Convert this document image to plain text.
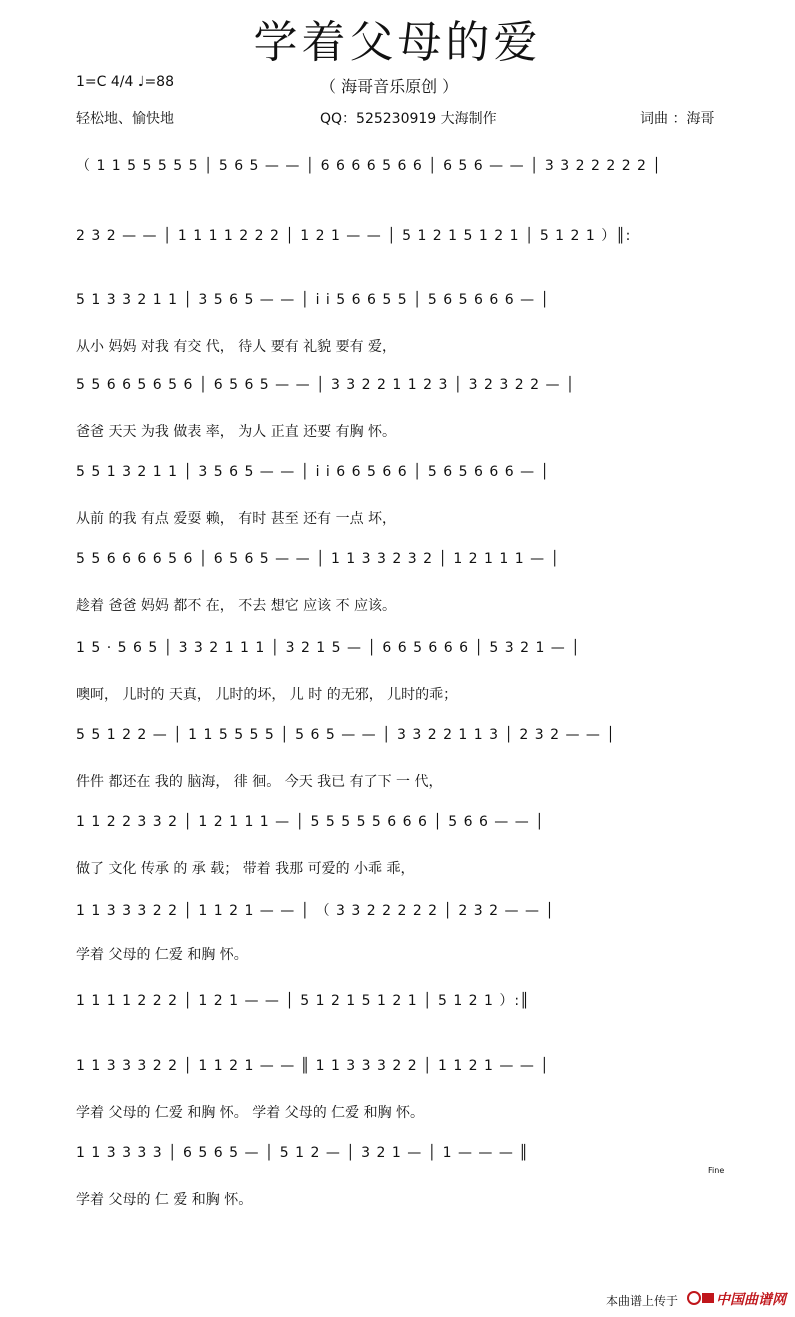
学着父母的爱
1=C 4/4 ♩=88	（ 海哥音乐原创 ）
轻松地、愉快地	QQ：525230919 大海制作	词曲 ：海哥
（ 1 1 5 5 5 5 5 │ 5 6 5 — — │ 6 6 6 6 5 6 6 │ 6 5 6 — — │ 3 3 2 2 2 2 2 │
2 3 2 — — │ 1 1 1 1 2 2 2 │ 1 2 1 — — │ 5 1 2 1 5 1 2 1 │ 5 1 2 1 ）║:
5 1 3 3 2 1 1 │ 3 5 6 5 — — │ i i 5 6 6 5 5 │ 5 6 5 6 6 6 — │
从小 妈妈 对我 有交 代， 待人 要有 礼貌 要有 爱，
5 5 6 6 5 6 5 6 │ 6 5 6 5 — — │ 3 3 2 2 1 1 2 3 │ 3 2 3 2 2 — │
爸爸 天天 为我 做表 率， 为人 正直 还要 有胸 怀。
5 5 1 3 2 1 1 │ 3 5 6 5 — — │ i i 6 6 5 6 6 │ 5 6 5 6 6 6 — │
从前 的我 有点 爱耍 赖， 有时 甚至 还有 一点 坏，
5 5 6 6 6 6 5 6 │ 6 5 6 5 — — │ 1 1 3 3 2 3 2 │ 1 2 1 1 1 — │
趁着 爸爸 妈妈 都不 在， 不去 想它 应该 不 应该。
1 5 · 5 6 5 │ 3 3 2 1 1 1 │ 3 2 1 5 — │ 6 6 5 6 6 6 │ 5 3 2 1 — │
噢呵， 儿时的 天真， 儿时的坏， 儿 时 的无邪， 儿时的乖；
5 5 1 2 2 — │ 1 1 5 5 5 5 │ 5 6 5 — — │ 3 3 2 2 1 1 3 │ 2 3 2 — — │
件件 都还在 我的 脑海， 徘 徊。 今天 我已 有了下 一 代，
1 1 2 2 3 3 2 │ 1 2 1 1 1 — │ 5 5 5 5 5 6 6 6 │ 5 6 6 — — │
做了 文化 传承 的 承 载； 带着 我那 可爱的 小乖 乖，
1 1 3 3 3 2 2 │ 1 1 2 1 — — │ （ 3 3 2 2 2 2 2 │ 2 3 2 — — │
学着 父母的 仁爱 和胸 怀。
1 1 1 1 2 2 2 │ 1 2 1 — — │ 5 1 2 1 5 1 2 1 │ 5 1 2 1 ）:║
1 1 3 3 3 2 2 │ 1 1 2 1 — — ║ 1 1 3 3 3 2 2 │ 1 1 2 1 — — │
学着 父母的 仁爱 和胸 怀。 学着 父母的 仁爱 和胸 怀。
1 1 3 3 3 3 │ 6 5 6 5 — │ 5 1 2 — │ 3 2 1 — │ 1 — — — ║
学着 父母的 仁 爱 和胸 怀。
Fine
本曲谱上传于	中国曲谱网
